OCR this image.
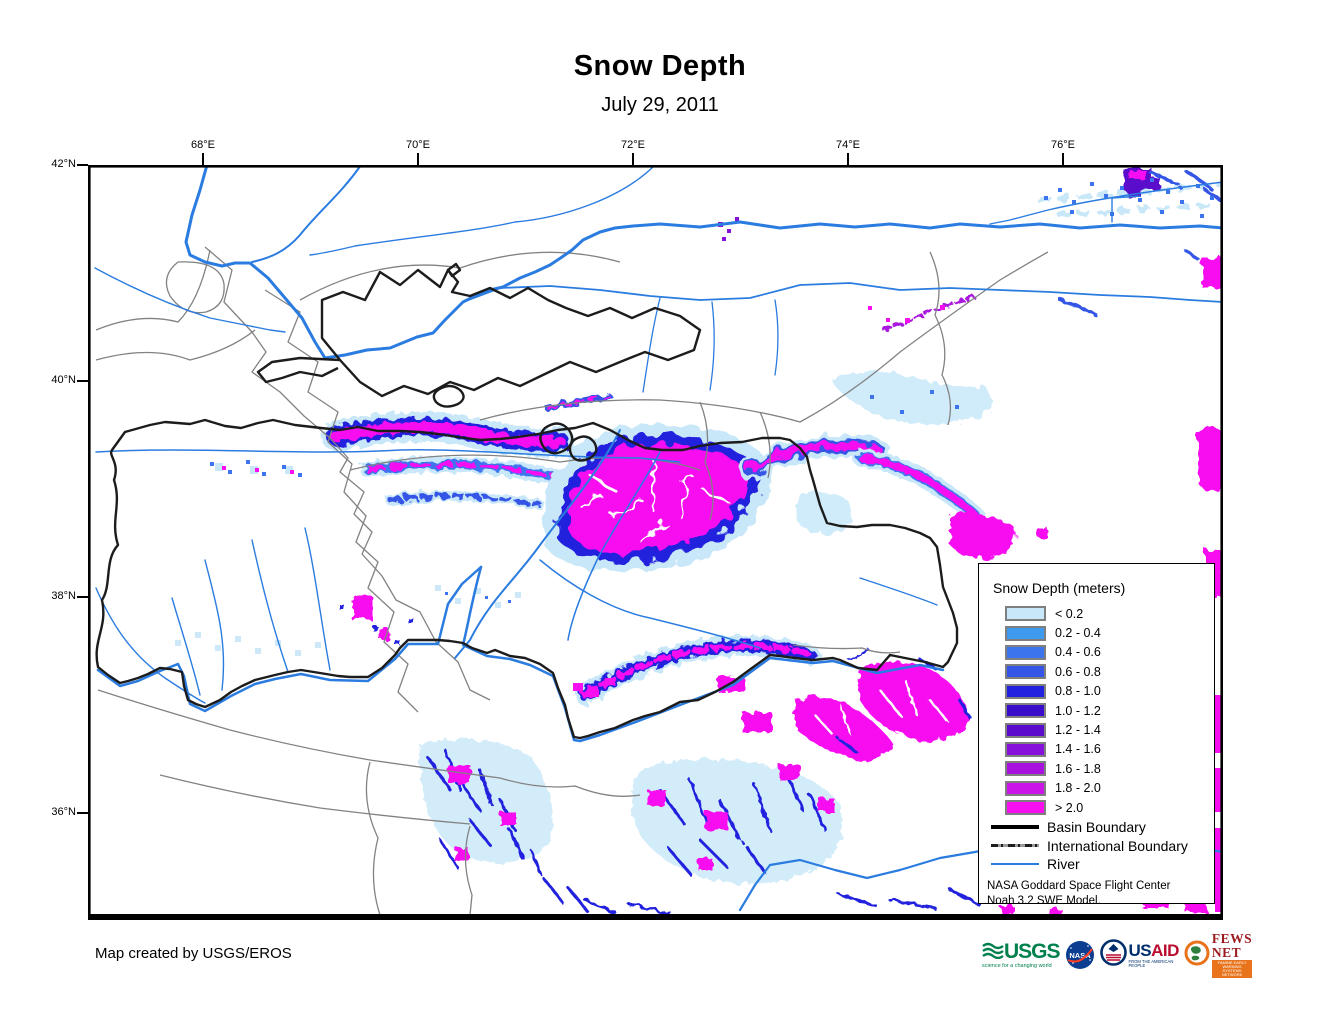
Snow Depth
July 29, 2011
68°E	70°E	72°E	74°E	76°E
42°N
40°N
38°N
36°N
Snow Depth (meters)
< 0.2
0.2 - 0.4
0.4 - 0.6
0.6 - 0.8
0.8 - 1.0
1.0 - 1.2
1.2 - 1.4
1.4 - 1.6
1.6 - 1.8
1.8 - 2.0
> 2.0
Basin Boundary
International Boundary
River
NASA Goddard Space Flight Center
Noah 3.2 SWE Model.
Map created by USGS/EROS	USGS
science for a changing world
NASA USAID
FROM THE AMERICAN PEOPLE
FEWS NET
FAMINE EARLY WARNING SYSTEMS NETWORK
